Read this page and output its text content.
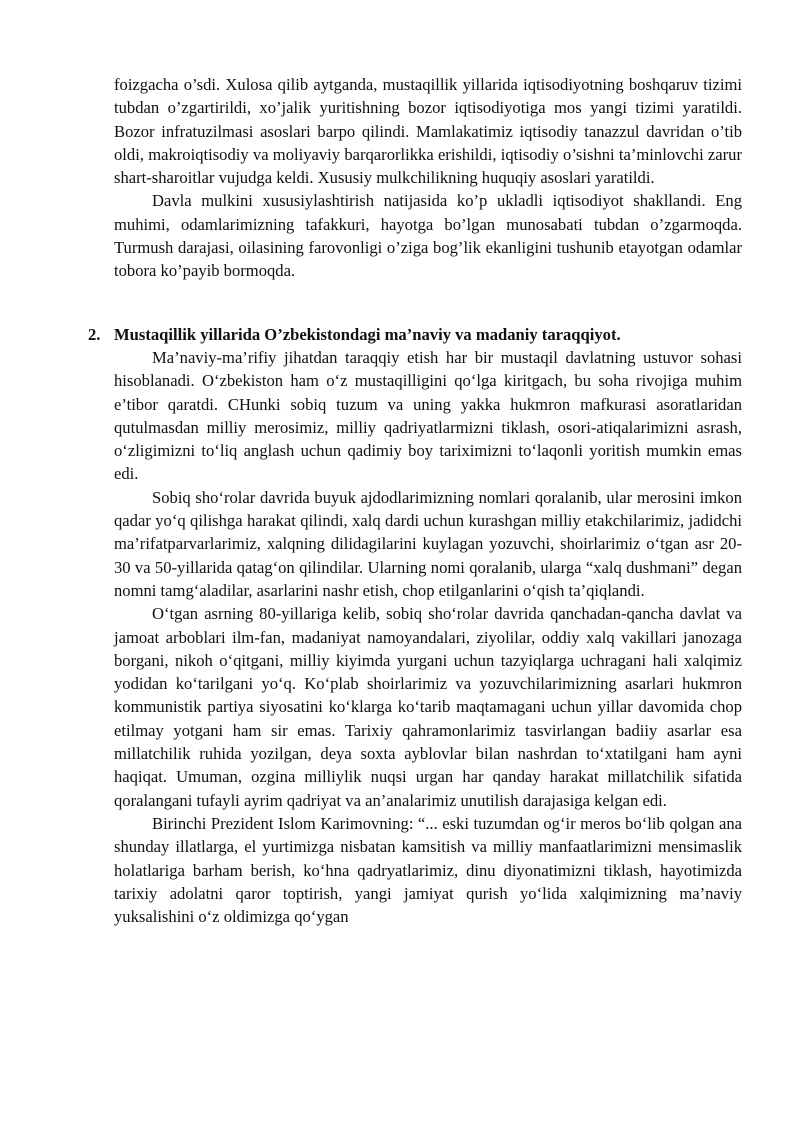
foizgacha o’sdi. Xulosa qilib aytganda, mustaqillik yillarida iqtisodiyotning boshqaruv tizimi tubdan o’zgartirildi, xo’jalik yuritishning bozor iqtisodiyotiga mos yangi tizimi yaratildi. Bozor infratuzilmasi asoslari barpo qilindi. Mamlakatimiz iqtisodiy tanazzul davridan o’tib oldi, makroiqtisodiy va moliyaviy barqarorlikka erishildi, iqtisodiy o’sishni ta’minlovchi zarur shart-sharoitlar vujudga keldi. Xususiy mulkchilikning huquqiy asoslari yaratildi.

Davla mulkini xususiylashtirish natijasida ko’p ukladli iqtisodiyot shakllandi. Eng muhimi, odamlarimizning tafakkuri, hayotga bo’lgan munosabati tubdan o’zgarmoqda. Turmush darajasi, oilasining farovonligi o’ziga bog’lik ekanligini tushunib etayotgan odamlar tobora ko’payib bormoqda.

2. Mustaqillik yillarida O’zbekistondagi ma’naviy va madaniy taraqqiyot.

Ma’naviy-ma’rifiy jihatdan taraqqiy etish har bir mustaqil davlatning ustuvor sohasi hisoblanadi. O‘zbekiston ham o‘z mustaqilligini qo‘lga kiritgach, bu soha rivojiga muhim e’tibor qaratdi. CHunki sobiq tuzum va uning yakka hukmron mafkurasi asoratlaridan qutulmasdan milliy merosimiz, milliy qadriyatlarmizni tiklash, osori-atiqalarimizni asrash, o‘zligimizni to‘liq anglash uchun qadimiy boy tariximizni to‘laqonli yoritish mumkin emas edi.

Sobiq sho‘rolar davrida buyuk ajdodlarimizning nomlari qoralanib, ular merosini imkon qadar yo‘q qilishga harakat qilindi, xalq dardi uchun kurashgan milliy etakchilarimiz, jadidchi ma’rifatparvarlarimiz, xalqning dilidagilarini kuylagan yozuvchi, shoirlarimiz o‘tgan asr 20-30 va 50-yillarida qatag‘on qilindilar. Ularning nomi qoralanib, ularga “xalq dushmani” degan nomni tamg‘aladilar, asarlarini nashr etish, chop etilganlarini o‘qish ta’qiqlandi.

O‘tgan asrning 80-yillariga kelib, sobiq sho‘rolar davrida qanchadan-qancha davlat va jamoat arboblari ilm-fan, madaniyat namoyandalari, ziyolilar, oddiy xalq vakillari janozaga borgani, nikoh o‘qitgani, milliy kiyimda yurgani uchun tazyiqlarga uchragani hali xalqimiz yodidan ko‘tarilgani yo‘q. Ko‘plab shoirlarimiz va yozuvchilarimizning asarlari hukmron kommunistik partiya siyosatini ko‘klarga ko‘tarib maqtamagani uchun yillar davomida chop etilmay yotgani ham sir emas. Tarixiy qahramonlarimiz tasvirlangan badiiy asarlar esa millatchilik ruhida yozilgan, deya soxta ayblovlar bilan nashrdan to‘xtatilgani ham ayni haqiqat. Umuman, ozgina milliylik nuqsi urgan har qanday harakat millatchilik sifatida qoralangani tufayli ayrim qadriyat va an’analarimiz unutilish darajasiga kelgan edi.

Birinchi Prezident Islom Karimovning: “... eski tuzumdan og‘ir meros bo‘lib qolgan ana shunday illatlarga, el yurtimizga nisbatan kamsitish va milliy manfaatlarimizni mensimaslik holatlariga barham berish, ko‘hna qadryatlarimiz, dinu diyonatimizni tiklash, hayotimizda tarixiy adolatni qaror toptirish, yangi jamiyat qurish yo‘lida xalqimizning ma’naviy yuksalishini o‘z oldimizga qo‘ygan
